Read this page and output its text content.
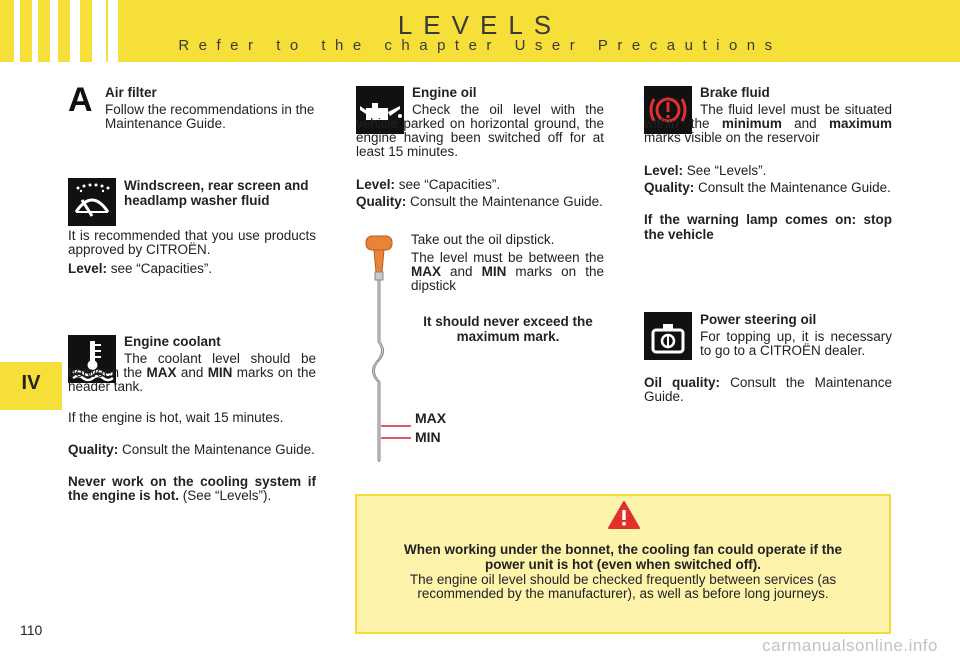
LEVELS
Refer to the chapter User Precautions
IV
A Air filter
Follow the recommendations in the Maintenance Guide.
Windscreen, rear screen and headlamp washer fluid
It is recommended that you use products approved by CITROËN.
Level: see “Capacities”.
Engine coolant
The coolant level should be between the MAX and MIN marks on the header tank.
If the engine is hot, wait 15 minutes.
Quality: Consult the Maintenance Guide.
Never work on the cooling system if the engine is hot. (See “Levels”).
Engine oil
Check the oil level with the vehicle parked on horizontal ground, the engine having been switched off for at least 15 minutes.
Level: see “Capacities”.
Quality: Consult the Maintenance Guide.
MAX
MIN
Take out the oil dipstick.
The level must be between the MAX and MIN marks on the dipstick
It should never exceed the maximum mark.
Brake fluid
The fluid level must be situated within the minimum and maximum marks visible on the reservoir
Level: See “Levels”.
Quality: Consult the Maintenance Guide.
If the warning lamp comes on: stop the vehicle
Power steering oil
For topping up, it is necessary to go to a CITROËN dealer.
Oil quality: Consult the Maintenance Guide.
When working under the bonnet, the cooling fan could operate if the power unit is hot (even when switched off).
The engine oil level should be checked frequently between services (as recommended by the manufacturer), as well as before long journeys.
110
carmanualsonline.info
